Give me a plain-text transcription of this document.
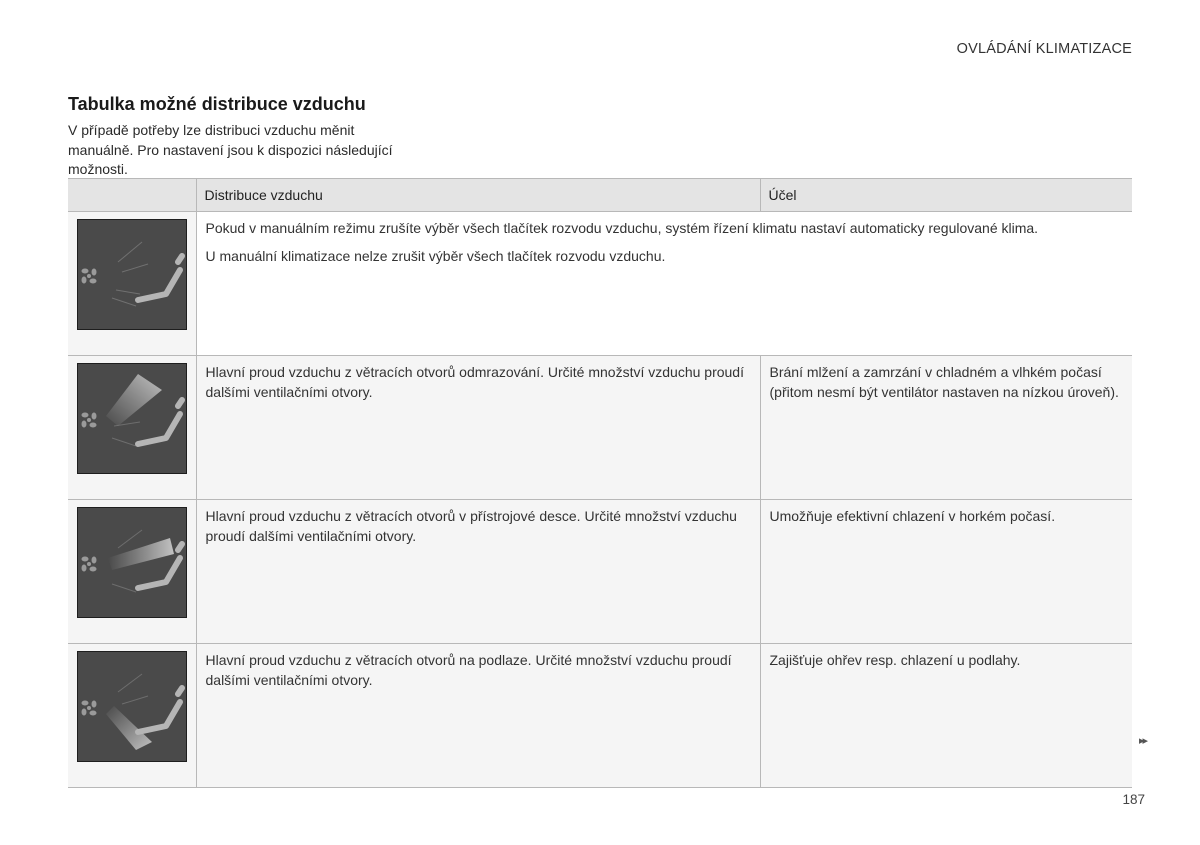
OVLÁDÁNÍ KLIMATIZACE
Tabulka možné distribuce vzduchu

V případě potřeby lze distribuci vzduchu měnit manuálně. Pro nastavení jsou k dispozici následující možnosti.

	Distribuce vzduchu	Účel

Pokud v manuálním režimu zrušíte výběr všech tlačítek rozvodu vzduchu, systém řízení klimatu nastaví automaticky regulované klima.

U manuální klimatizace nelze zrušit výběr všech tlačítek rozvodu vzduchu.	

	Hlavní proud vzduchu z větracích otvorů odmrazování. Určité množství vzduchu proudí dalšími ventilačními otvory.	Brání mlžení a zamrzání v chladném a vlhkém počasí (přitom nesmí být ventilátor nastaven na nízkou úroveň).

	Hlavní proud vzduchu z větracích otvorů v přístrojové desce. Určité množství vzduchu proudí dalšími ventilačními otvory.	Umožňuje efektivní chlazení v horkém počasí.

	Hlavní proud vzduchu z větracích otvorů na podlaze. Určité množství vzduchu proudí dalšími ventilačními otvory.	Zajišťuje ohřev resp. chlazení u podlahy.
▸▸
187
